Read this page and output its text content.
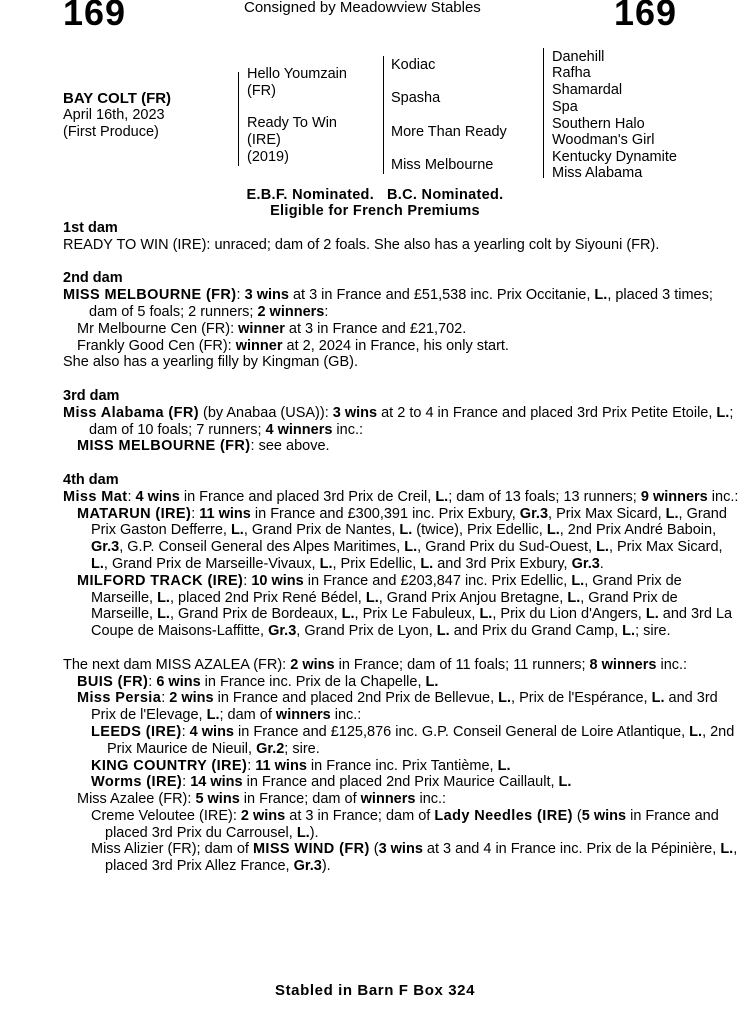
169	Consigned by Meadowview Stables	169
BAY COLT (FR)
April 16th, 2023
(First Produce)
Hello Youmzain
(FR)
Ready To Win
(IRE)
(2019)
Kodiac
Spasha
More Than Ready
Miss Melbourne
Danehill
Rafha
Shamardal
Spa
Southern Halo
Woodman's Girl
Kentucky Dynamite
Miss Alabama
E.B.F. Nominated.   B.C. Nominated.
Eligible for French Premiums

1st dam

READY TO WIN (IRE): unraced; dam of 2 foals. She also has a yearling colt by Siyouni (FR).

2nd dam

MISS MELBOURNE (FR): 3 wins at 3 in France and £51,538 inc. Prix Occitanie, L., placed 3 times; dam of 5 foals; 2 runners; 2 winners:

Mr Melbourne Cen (FR): winner at 3 in France and £21,702.

Frankly Good Cen (FR): winner at 2, 2024 in France, his only start.

She also has a yearling filly by Kingman (GB).

3rd dam

Miss Alabama (FR) (by Anabaa (USA)): 3 wins at 2 to 4 in France and placed 3rd Prix Petite Etoile, L.; dam of 10 foals; 7 runners; 4 winners inc.:

MISS MELBOURNE (FR): see above.

4th dam

Miss Mat: 4 wins in France and placed 3rd Prix de Creil, L.; dam of 13 foals; 13 runners; 9 winners inc.:

MATARUN (IRE): 11 wins in France and £300,391 inc. Prix Exbury, Gr.3, Prix Max Sicard, L., Grand Prix Gaston Defferre, L., Grand Prix de Nantes, L. (twice), Prix Edellic, L., 2nd Prix André Baboin, Gr.3, G.P. Conseil General des Alpes Maritimes, L., Grand Prix du Sud-Ouest, L., Prix Max Sicard, L., Grand Prix de Marseille-Vivaux, L., Prix Edellic, L. and 3rd Prix Exbury, Gr.3.

MILFORD TRACK (IRE): 10 wins in France and £203,847 inc. Prix Edellic, L., Grand Prix de Marseille, L., placed 2nd Prix René Bédel, L., Grand Prix Anjou Bretagne, L., Grand Prix de Marseille, L., Grand Prix de Bordeaux, L., Prix Le Fabuleux, L., Prix du Lion d'Angers, L. and 3rd La Coupe de Maisons-Laffitte, Gr.3, Grand Prix de Lyon, L. and Prix du Grand Camp, L.; sire.

The next dam MISS AZALEA (FR): 2 wins in France; dam of 11 foals; 11 runners; 8 winners inc.:

BUIS (FR): 6 wins in France inc. Prix de la Chapelle, L.

Miss Persia: 2 wins in France and placed 2nd Prix de Bellevue, L., Prix de l'Espérance, L. and 3rd Prix de l'Elevage, L.; dam of winners inc.:

LEEDS (IRE): 4 wins in France and £125,876 inc. G.P. Conseil General de Loire Atlantique, L., 2nd Prix Maurice de Nieuil, Gr.2; sire.

KING COUNTRY (IRE): 11 wins in France inc. Prix Tantième, L.

Worms (IRE): 14 wins in France and placed 2nd Prix Maurice Caillault, L.

Miss Azalee (FR): 5 wins in France; dam of winners inc.:

Creme Veloutee (IRE): 2 wins at 3 in France; dam of Lady Needles (IRE) (5 wins in France and placed 3rd Prix du Carrousel, L.).

Miss Alizier (FR); dam of MISS WIND (FR) (3 wins at 3 and 4 in France inc. Prix de la Pépinière, L., placed 3rd Prix Allez France, Gr.3).

Stabled in Barn F Box 324
